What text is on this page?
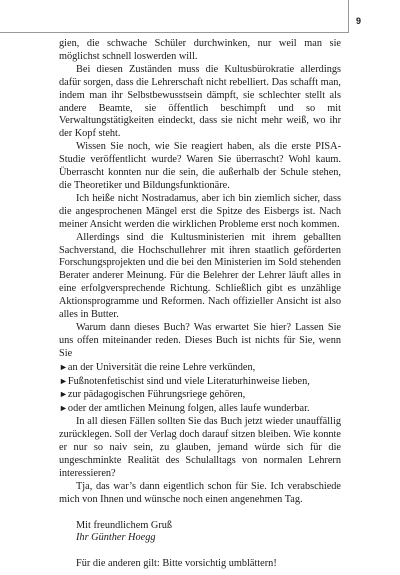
9

gien, die schwache Schüler durchwinken, nur weil man sie möglichst schnell loswerden will.

Bei diesen Zuständen muss die Kultusbürokratie allerdings dafür sorgen, dass die Lehrerschaft nicht rebelliert. Das schafft man, indem man ihr Selbstbewusstsein dämpft, sie schlechter stellt als andere Beamte, sie öffentlich beschimpft und so mit Verwaltungstätigkeiten eindeckt, dass sie nicht mehr weiß, wo ihr der Kopf steht.

Wissen Sie noch, wie Sie reagiert haben, als die erste PISA-Studie veröffentlicht wurde? Waren Sie überrascht? Wohl kaum. Überrascht konnten nur die sein, die außerhalb der Schule stehen, die Theoretiker und Bildungsfunktionäre.

Ich heiße nicht Nostradamus, aber ich bin ziemlich sicher, dass die angesprochenen Mängel erst die Spitze des Eisbergs ist. Nach meiner Ansicht werden die wirklichen Probleme erst noch kommen.

Allerdings sind die Kultusministerien mit ihrem geballten Sachverstand, die Hochschullehrer mit ihren staatlich geförderten Forschungsprojekten und die bei den Ministerien im Sold stehenden Berater anderer Meinung. Für die Belehrer der Lehrer läuft alles in eine erfolgversprechende Richtung. Schließlich gibt es unzählige Aktionsprogramme und Reformen. Nach offizieller Ansicht ist also alles in Butter.

Warum dann dieses Buch? Was erwartet Sie hier? Lassen Sie uns offen miteinander reden. Dieses Buch ist nichts für Sie, wenn Sie

►an der Universität die reine Lehre verkünden,
►Fußnotenfetischist sind und viele Literaturhinweise lieben,
►zur pädagogischen Führungsriege gehören,
►oder der amtlichen Meinung folgen, alles laufe wunderbar.

In all diesen Fällen sollten Sie das Buch jetzt wieder unauffällig zurücklegen. Soll der Verlag doch darauf sitzen bleiben. Wie konnte er nur so naiv sein, zu glauben, jemand würde sich für die ungeschminkte Realität des Schulalltags von normalen Lehrern interessieren?

Tja, das war’s dann eigentlich schon für Sie. Ich verabschiede mich von Ihnen und wünsche noch einen angenehmen Tag.

Mit freundlichem Gruß

Ihr Günther Hoegg

Für die anderen gilt: Bitte vorsichtig umblättern!
